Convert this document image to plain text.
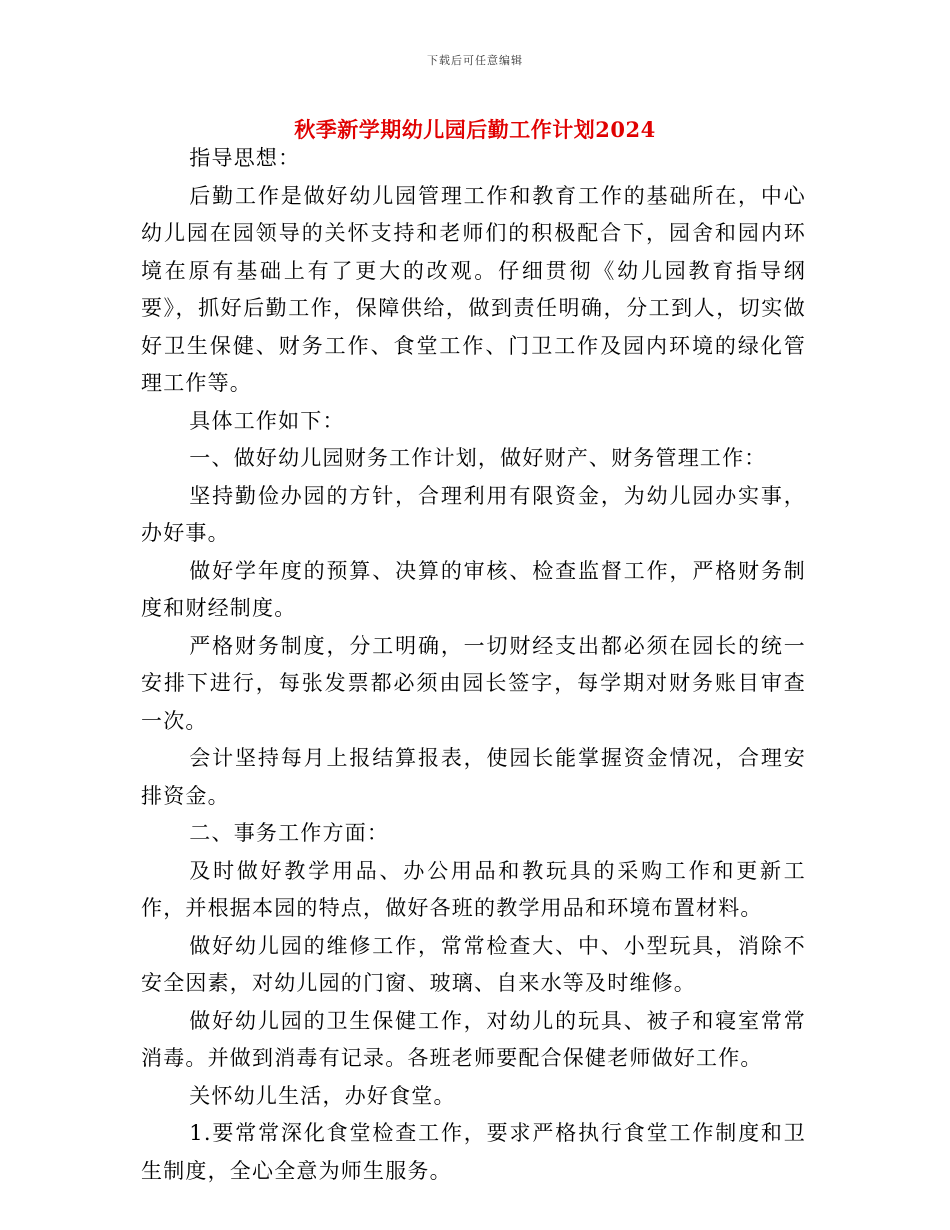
下载后可任意编辑
秋季新学期幼儿园后勤工作计划2024

指导思想：

后勤工作是做好幼儿园管理工作和教育工作的基础所在，中心幼儿园在园领导的关怀支持和老师们的积极配合下，园舍和园内环境在原有基础上有了更大的改观。仔细贯彻《幼儿园教育指导纲要》，抓好后勤工作，保障供给，做到责任明确，分工到人，切实做好卫生保健、财务工作、食堂工作、门卫工作及园内环境的绿化管理工作等。

具体工作如下：

一、做好幼儿园财务工作计划，做好财产、财务管理工作：

坚持勤俭办园的方针，合理利用有限资金，为幼儿园办实事，办好事。

做好学年度的预算、决算的审核、检查监督工作，严格财务制度和财经制度。

严格财务制度，分工明确，一切财经支出都必须在园长的统一安排下进行，每张发票都必须由园长签字，每学期对财务账目审查一次。

会计坚持每月上报结算报表，使园长能掌握资金情况，合理安排资金。

二、事务工作方面：

及时做好教学用品、办公用品和教玩具的采购工作和更新工作，并根据本园的特点，做好各班的教学用品和环境布置材料。

做好幼儿园的维修工作，常常检查大、中、小型玩具，消除不安全因素，对幼儿园的门窗、玻璃、自来水等及时维修。

做好幼儿园的卫生保健工作，对幼儿的玩具、被子和寝室常常消毒。并做到消毒有记录。各班老师要配合保健老师做好工作。

关怀幼儿生活，办好食堂。

1.要常常深化食堂检查工作，要求严格执行食堂工作制度和卫生制度，全心全意为师生服务。
